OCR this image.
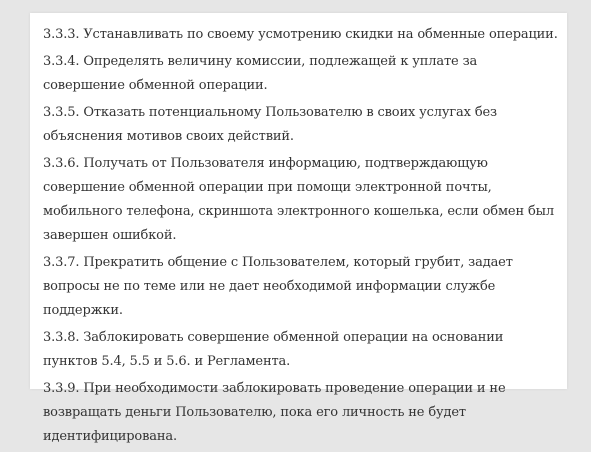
3.3.3. Устанавливать по своему усмотрению скидки на обменные операции.

3.3.4. Определять величину комиссии, подлежащей к уплате за совершение обменной операции.

3.3.5. Отказать потенциальному Пользователю в своих услугах без объяснения мотивов своих действий.

3.3.6. Получать от Пользователя информацию, подтверждающую совершение обменной операции при помощи электронной почты, мобильного телефона, скриншота электронного кошелька, если обмен был завершен ошибкой.

3.3.7. Прекратить общение с Пользователем, который грубит, задает вопросы не по теме или не дает необходимой информации службе поддержки.

3.3.8. Заблокировать совершение обменной операции на основании пунктов 5.4, 5.5 и 5.6. и Регламента.

3.3.9. При необходимости заблокировать проведение операции и не возвращать деньги Пользователю, пока его личность не будет идентифицирована.
